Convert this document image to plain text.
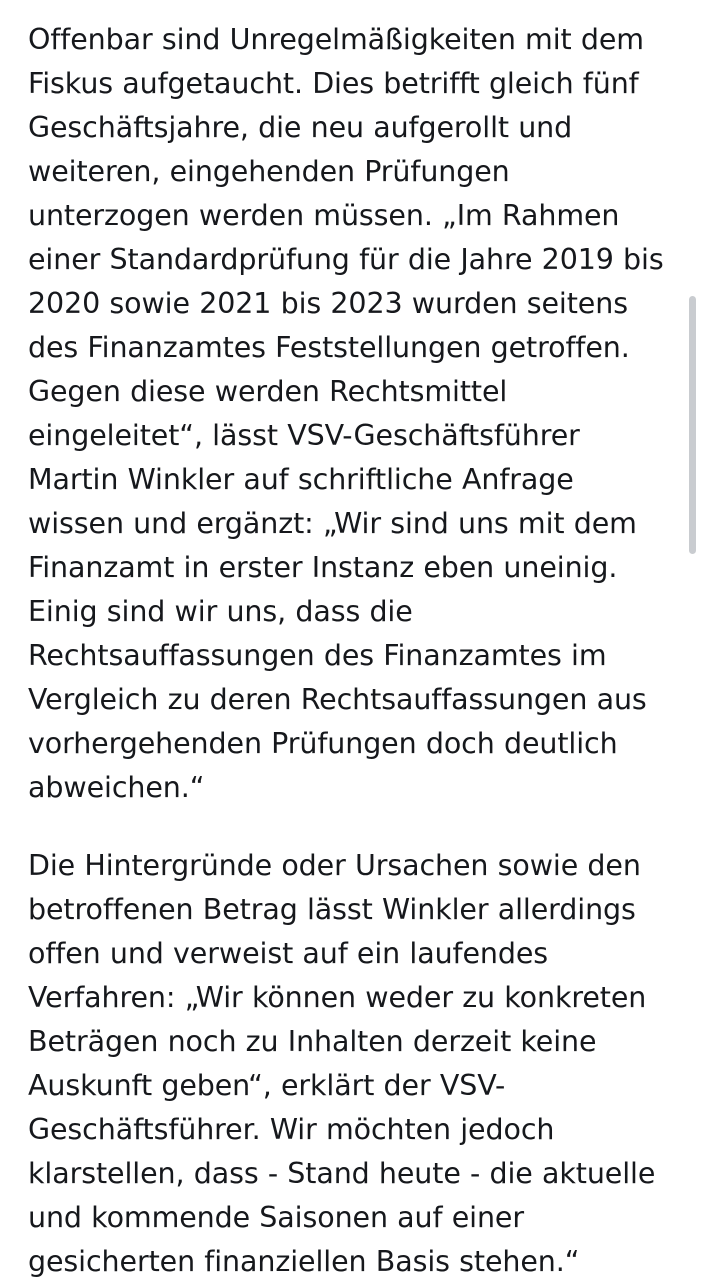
Offenbar sind Unregelmäßigkeiten mit dem Fiskus aufgetaucht. Dies betrifft gleich fünf Geschäftsjahre, die neu aufgerollt und weiteren, eingehenden Prüfungen unterzogen werden müssen. „Im Rahmen einer Standardprüfung für die Jahre 2019 bis 2020 sowie 2021 bis 2023 wurden seitens des Finanzamtes Feststellungen getroffen. Gegen diese werden Rechtsmittel eingeleitet“, lässt VSV-Geschäftsführer Martin Winkler auf schriftliche Anfrage wissen und ergänzt: „Wir sind uns mit dem Finanzamt in erster Instanz eben uneinig. Einig sind wir uns, dass die Rechtsauffassungen des Finanzamtes im Vergleich zu deren Rechtsauffassungen aus vorhergehenden Prüfungen doch deutlich abweichen.“

Die Hintergründe oder Ursachen sowie den betroffenen Betrag lässt Winkler allerdings offen und verweist auf ein laufendes Verfahren: „Wir können weder zu konkreten Beträgen noch zu Inhalten derzeit keine Auskunft geben“, erklärt der VSV-Geschäftsführer. Wir möchten jedoch klarstellen, dass - Stand heute - die aktuelle und kommende Saisonen auf einer gesicherten finanziellen Basis stehen.“
